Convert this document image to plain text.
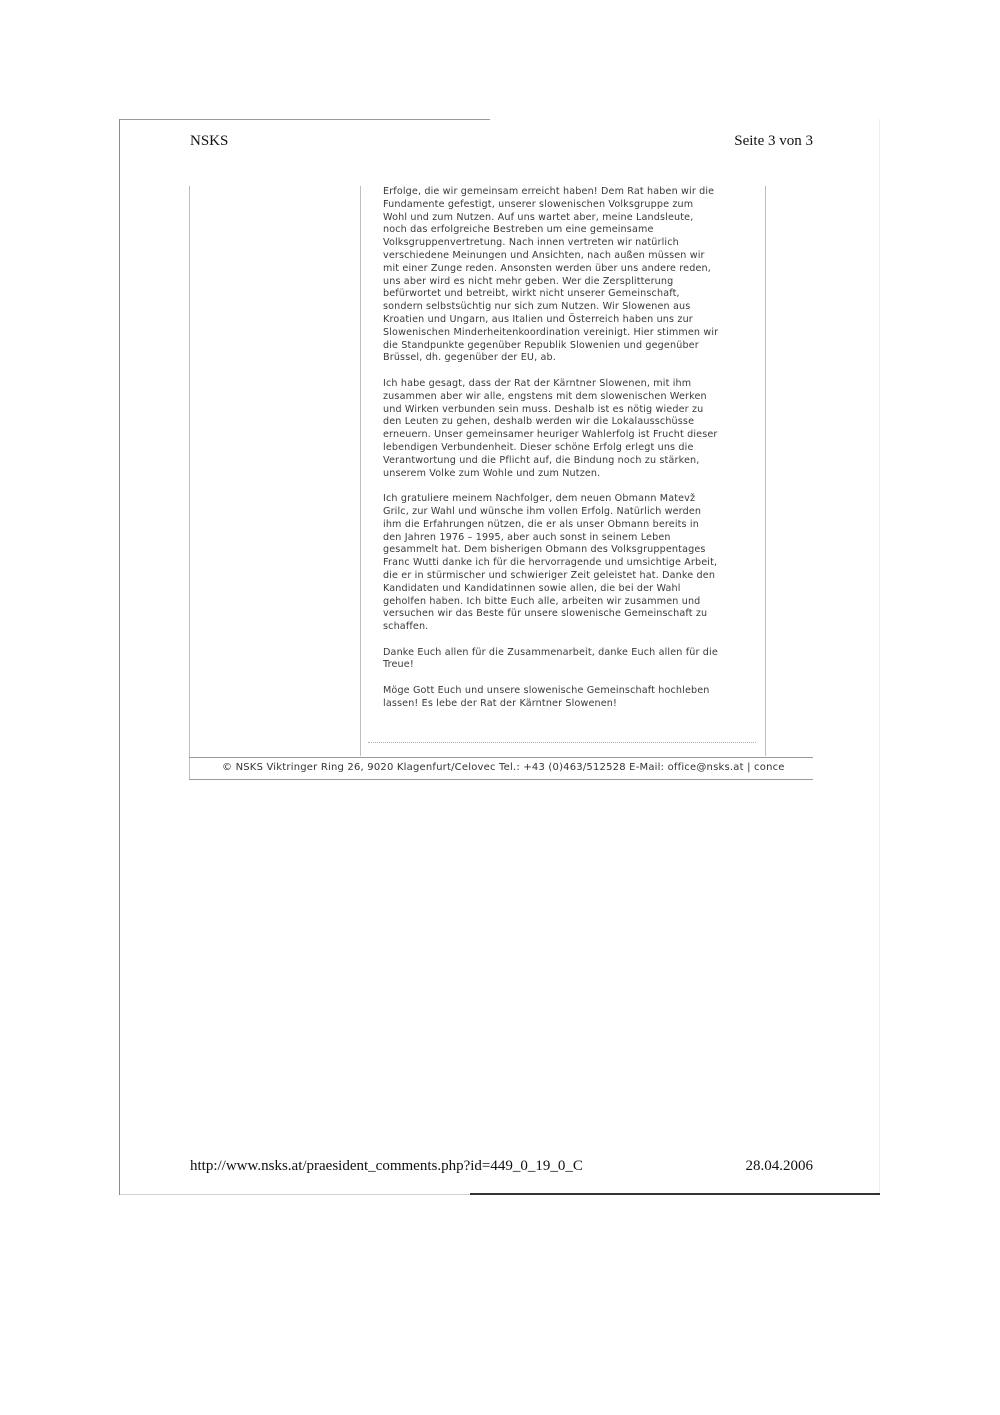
NSKS	Seite 3 von 3

Erfolge, die wir gemeinsam erreicht haben! Dem Rat haben wir die
Fundamente gefestigt, unserer slowenischen Volksgruppe zum
Wohl und zum Nutzen. Auf uns wartet aber, meine Landsleute,
noch das erfolgreiche Bestreben um eine gemeinsame
Volksgruppenvertretung. Nach innen vertreten wir natürlich
verschiedene Meinungen und Ansichten, nach außen müssen wir
mit einer Zunge reden. Ansonsten werden über uns andere reden,
uns aber wird es nicht mehr geben. Wer die Zersplitterung
befürwortet und betreibt, wirkt nicht unserer Gemeinschaft,
sondern selbstsüchtig nur sich zum Nutzen. Wir Slowenen aus
Kroatien und Ungarn, aus Italien und Österreich haben uns zur
Slowenischen Minderheitenkoordination vereinigt. Hier stimmen wir
die Standpunkte gegenüber Republik Slowenien und gegenüber
Brüssel, dh. gegenüber der EU, ab.

Ich habe gesagt, dass der Rat der Kärntner Slowenen, mit ihm
zusammen aber wir alle, engstens mit dem slowenischen Werken
und Wirken verbunden sein muss. Deshalb ist es nötig wieder zu
den Leuten zu gehen, deshalb werden wir die Lokalausschüsse
erneuern. Unser gemeinsamer heuriger Wahlerfolg ist Frucht dieser
lebendigen Verbundenheit. Dieser schöne Erfolg erlegt uns die
Verantwortung und die Pflicht auf, die Bindung noch zu stärken,
unserem Volke zum Wohle und zum Nutzen.

Ich gratuliere meinem Nachfolger, dem neuen Obmann Matevž
Grilc, zur Wahl und wünsche ihm vollen Erfolg. Natürlich werden
ihm die Erfahrungen nützen, die er als unser Obmann bereits in
den Jahren 1976 – 1995, aber auch sonst in seinem Leben
gesammelt hat. Dem bisherigen Obmann des Volksgruppentages
Franc Wutti danke ich für die hervorragende und umsichtige Arbeit,
die er in stürmischer und schwieriger Zeit geleistet hat. Danke den
Kandidaten und Kandidatinnen sowie allen, die bei der Wahl
geholfen haben. Ich bitte Euch alle, arbeiten wir zusammen und
versuchen wir das Beste für unsere slowenische Gemeinschaft zu
schaffen.

Danke Euch allen für die Zusammenarbeit, danke Euch allen für die
Treue!

Möge Gott Euch und unsere slowenische Gemeinschaft hochleben
lassen! Es lebe der Rat der Kärntner Slowenen!

© NSKS Viktringer Ring 26, 9020 Klagenfurt/Celovec Tel.: +43 (0)463/512528 E-Mail: office@nsks.at | conce
http://www.nsks.at/praesident_comments.php?id=449_0_19_0_C	28.04.2006
